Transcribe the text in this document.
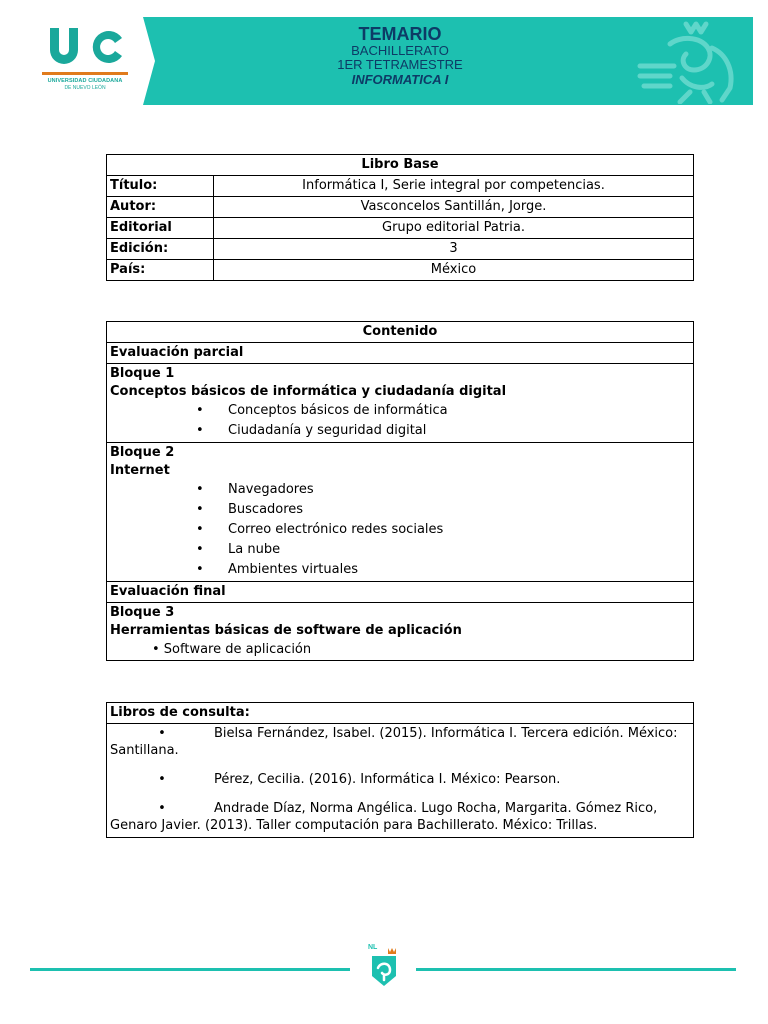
UNIVERSIDAD CIUDADANA
DE NUEVO LEÓN
TEMARIO
BACHILLERATO
1ER TETRAMESTRE
INFORMATICA I
Libro Base	
Título:	Informática I, Serie integral por competencias.
Autor:	Vasconcelos Santillán, Jorge.
Editorial	Grupo editorial Patria.
Edición:	3
País:	México
Contenido
Evaluación parcial

Bloque 1
Conceptos básicos de informática y ciudadanía digital
• Conceptos básicos de informática
• Ciudadanía y seguridad digital

Bloque 2
Internet
• Navegadores
• Buscadores
• Correo electrónico redes sociales
• La nube
• Ambientes virtuales

Evaluación final

Bloque 3
Herramientas básicas de software de aplicación
• Software de aplicación
Libros de consulta:

•	Bielsa Fernández, Isabel. (2015). Informática I. Tercera edición. México: Santillana.
•	Pérez, Cecilia. (2016). Informática I. México: Pearson.
•	Andrade Díaz, Norma Angélica. Lugo Rocha, Margarita. Gómez Rico, Genaro Javier. (2013). Taller computación para Bachillerato. México: Trillas.
NL
